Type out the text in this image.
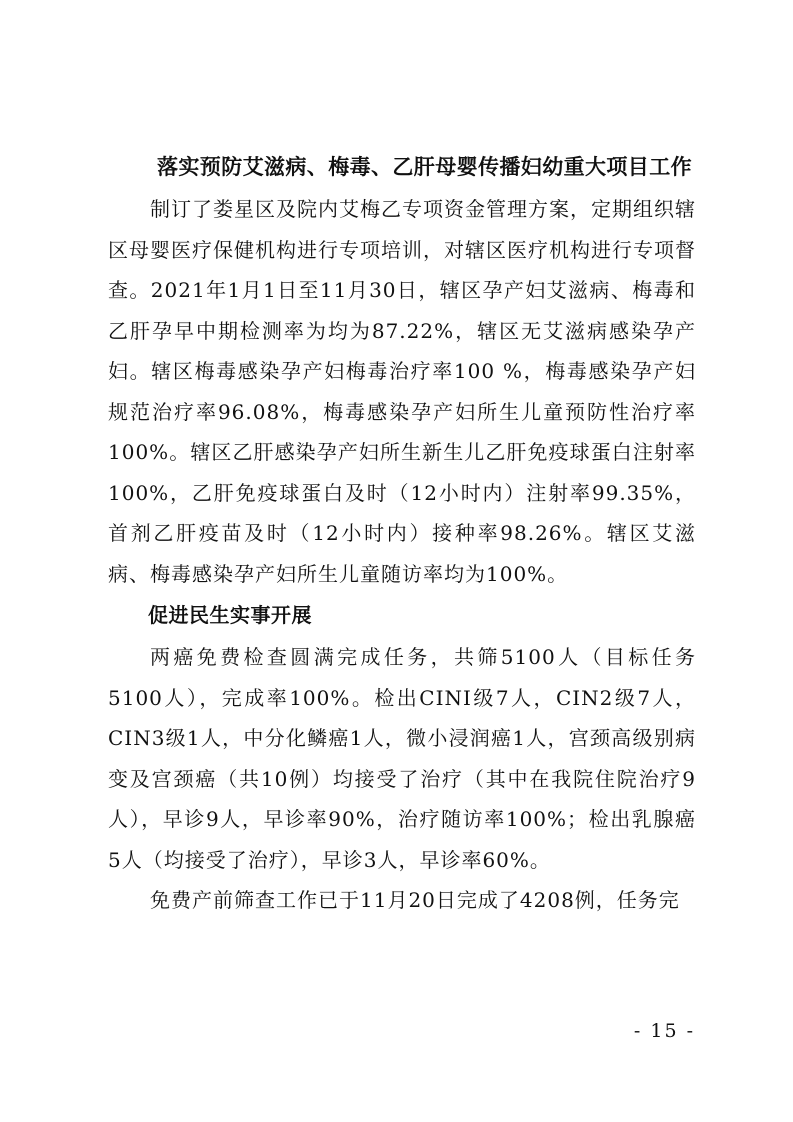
落实预防艾滋病、梅毒、乙肝母婴传播妇幼重大项目工作

制订了娄星区及院内艾梅乙专项资金管理方案，定期组织辖区母婴医疗保健机构进行专项培训，对辖区医疗机构进行专项督查。2021年1月1日至11月30日，辖区孕产妇艾滋病、梅毒和乙肝孕早中期检测率为均为87.22%，辖区无艾滋病感染孕产妇。辖区梅毒感染孕产妇梅毒治疗率100 %，梅毒感染孕产妇规范治疗率96.08%，梅毒感染孕产妇所生儿童预防性治疗率100%。辖区乙肝感染孕产妇所生新生儿乙肝免疫球蛋白注射率100%，乙肝免疫球蛋白及时（12小时内）注射率99.35%，首剂乙肝疫苗及时（12小时内）接种率98.26%。辖区艾滋病、梅毒感染孕产妇所生儿童随访率均为100%。

促进民生实事开展

两癌免费检查圆满完成任务，共筛5100人（目标任务5100人），完成率100%。检出CINI级7人，CIN2级7人，CIN3级1人，中分化鳞癌1人，微小浸润癌1人，宫颈高级别病变及宫颈癌（共10例）均接受了治疗（其中在我院住院治疗9人），早诊9人，早诊率90%，治疗随访率100%；检出乳腺癌5人（均接受了治疗），早诊3人，早诊率60%。

免费产前筛查工作已于11月20日完成了4208例，任务完

- 15 -
